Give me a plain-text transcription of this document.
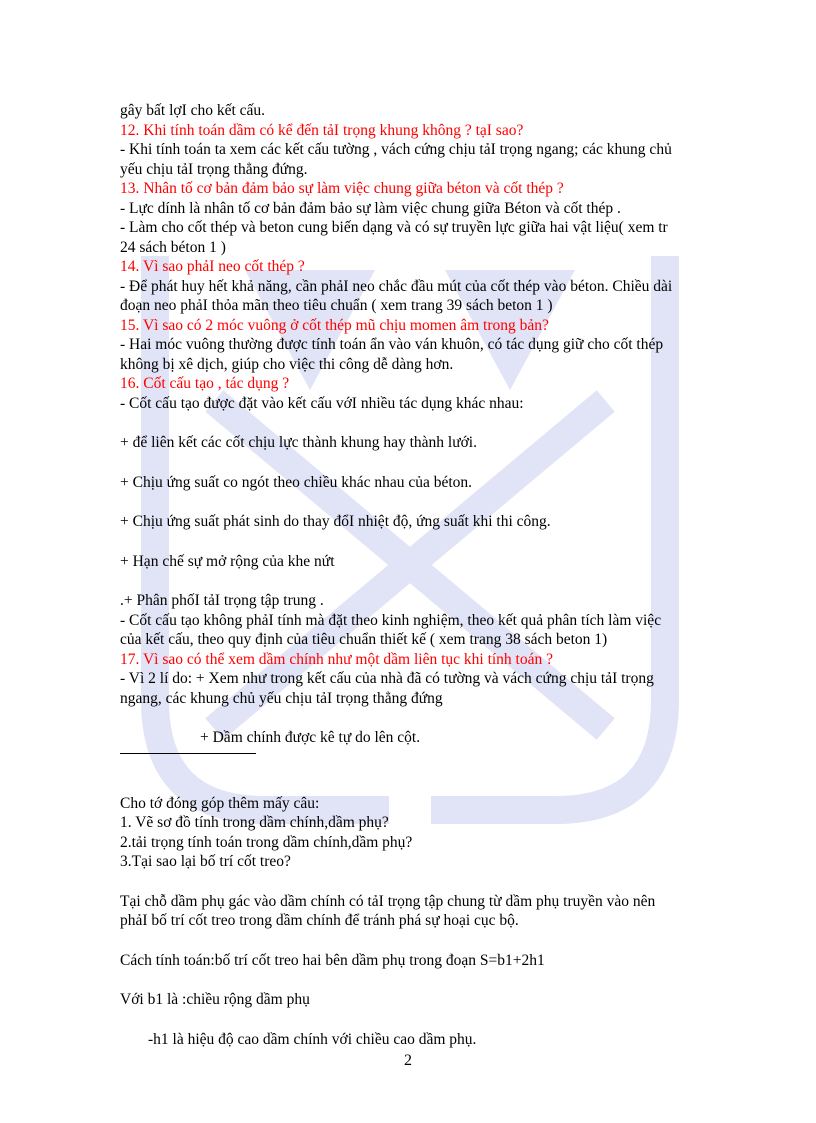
gây bất lợI cho kết cấu.

12. Khi tính toán dầm có kể đến tảI trọng khung không ? tạI sao?

- Khi tính toán ta xem các kết cấu tường , vách cứng chịu tảI trọng ngang; các khung chủ

yếu chịu tảI trọng thẳng đứng.

13. Nhân tố cơ bản đảm bảo sự làm việc chung giữa béton và cốt thép ?

- Lực dính là nhân tố cơ bản đảm bảo sự làm việc chung giữa Béton và cốt thép .

- Làm cho cốt thép và beton cung biến dạng và có sự truyền lực giữa hai vật liệu( xem tr

24 sách béton 1 )

14. Vì sao phảI neo cốt thép ?

- Để phát huy hết khả năng, cần phảI neo chắc đầu mút của cốt thép vào béton. Chiều dài

đoạn neo phảI thỏa mãn theo tiêu chuẩn ( xem trang 39 sách beton 1 )

15. Vì sao có 2 móc vuông ở cốt thép mũ chịu momen âm trong bản?

- Hai móc vuông thường được tính toán ẩn vào ván khuôn, có tác dụng giữ cho cốt thép

không bị xê dịch, giúp cho việc thi công dễ dàng hơn.

16. Cốt cấu tạo , tác dụng ?

- Cốt cấu tạo được đặt vào kết cấu vớI nhiều tác dụng khác nhau:

+ để liên kết các cốt chịu lực thành khung hay thành lưới.

+ Chịu ứng suất co ngót theo chiều khác nhau của béton.

+ Chịu ứng suất phát sinh do thay đổI nhiệt độ, ứng suất khi thi công.

+ Hạn chế sự mở rộng của khe nứt

.+ Phân phốI tảI trọng tập trung .

- Cốt cấu tạo không phảI tính mà đặt theo kinh nghiệm, theo kết quả phân tích làm việc

của kết cấu, theo quy định của tiêu chuẩn thiết kế ( xem trang 38 sách beton 1)

17. Vì sao có thể xem dầm chính như một dầm liên tục khi tính toán ?

- Vì 2 lí do: + Xem như trong kết cấu của nhà đã có tường và vách cứng chịu tảI trọng

ngang, các khung chủ yếu chịu tảI trọng thẳng đứng

+ Dầm chính được kê tự do lên cột.

Cho tớ đóng góp thêm mấy câu:

1. Vẽ sơ đồ tính trong dầm chính,dầm phụ?

2.tải trọng tính toán trong dầm chính,dầm phụ?

3.Tại sao lại bố trí cốt treo?

Tại chỗ dầm phụ gác vào dầm chính có tảI trọng tập chung từ dầm phụ truyền vào nên

phảI bố trí cốt treo trong dầm chính để tránh phá sự hoại cục bộ.

Cách tính toán:bố trí cốt treo hai bên dầm phụ trong đoạn S=b1+2h1

Với b1 là :chiều rộng dầm phụ

-h1 là hiệu độ cao dầm chính với chiều cao dầm phụ.

2
